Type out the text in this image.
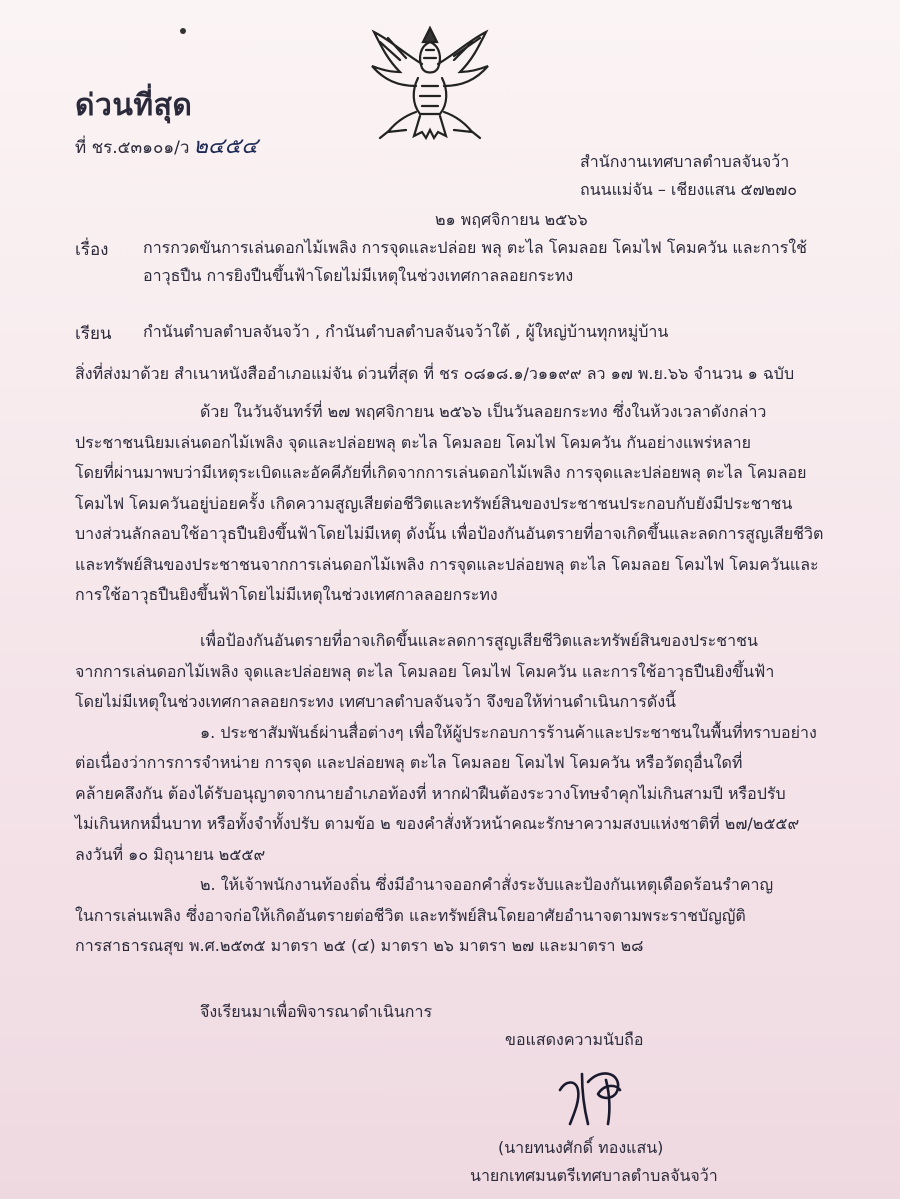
ด่วนที่สุด
ที่ ชร.๕๓๑๐๑/ว ๒๔๕๔
สำนักงานเทศบาลตำบลจันจว้า
ถนนแม่จัน – เชียงแสน ๕๗๒๗๐
๒๑ พฤศจิกายน ๒๕๖๖
เรื่อง การกวดขันการเล่นดอกไม้เพลิง การจุดและปล่อย พลุ ตะไล โคมลอย โคมไฟ โคมควัน และการใช้
อาวุธปืน การยิงปืนขึ้นฟ้าโดยไม่มีเหตุในช่วงเทศกาลลอยกระทง
เรียน กำนันตำบลตำบลจันจว้า , กำนันตำบลตำบลจันจว้าใต้ , ผู้ใหญ่บ้านทุกหมู่บ้าน
สิ่งที่ส่งมาด้วย สำเนาหนังสืออำเภอแม่จัน ด่วนที่สุด ที่ ชร ๐๘๑๘.๑/ว๑๑๙๙ ลว ๑๗ พ.ย.๖๖ จำนวน ๑ ฉบับ
ด้วย ในวันจันทร์ที่ ๒๗ พฤศจิกายน ๒๕๖๖ เป็นวันลอยกระทง ซึ่งในห้วงเวลาดังกล่าว
ประชาชนนิยมเล่นดอกไม้เพลิง จุดและปล่อยพลุ ตะไล โคมลอย โคมไฟ โคมควัน กันอย่างแพร่หลาย
โดยที่ผ่านมาพบว่ามีเหตุระเบิดและอัคคีภัยที่เกิดจากการเล่นดอกไม้เพลิง การจุดและปล่อยพลุ ตะไล โคมลอย
โคมไฟ โคมควันอยู่บ่อยครั้ง เกิดความสูญเสียต่อชีวิตและทรัพย์สินของประชาชนประกอบกับยังมีประชาชน
บางส่วนลักลอบใช้อาวุธปืนยิงขึ้นฟ้าโดยไม่มีเหตุ ดังนั้น เพื่อป้องกันอันตรายที่อาจเกิดขึ้นและลดการสูญเสียชีวิต
และทรัพย์สินของประชาชนจากการเล่นดอกไม้เพลิง การจุดและปล่อยพลุ ตะไล โคมลอย โคมไฟ โคมควันและ
การใช้อาวุธปืนยิงขึ้นฟ้าโดยไม่มีเหตุในช่วงเทศกาลลอยกระทง
เพื่อป้องกันอันตรายที่อาจเกิดขึ้นและลดการสูญเสียชีวิตและทรัพย์สินของประชาชน
จากการเล่นดอกไม้เพลิง จุดและปล่อยพลุ ตะไล โคมลอย โคมไฟ โคมควัน และการใช้อาวุธปืนยิงขึ้นฟ้า
โดยไม่มีเหตุในช่วงเทศกาลลอยกระทง เทศบาลตำบลจันจว้า จึงขอให้ท่านดำเนินการดังนี้
๑. ประชาสัมพันธ์ผ่านสื่อต่างๆ เพื่อให้ผู้ประกอบการร้านค้าและประชาชนในพื้นที่ทราบอย่าง
ต่อเนื่องว่าการการจำหน่าย การจุด และปล่อยพลุ ตะไล โคมลอย โคมไฟ โคมควัน หรือวัตถุอื่นใดที่
คล้ายคลึงกัน ต้องได้รับอนุญาตจากนายอำเภอท้องที่ หากฝ่าฝืนต้องระวางโทษจำคุกไม่เกินสามปี หรือปรับ
ไม่เกินหกหมื่นบาท หรือทั้งจำทั้งปรับ ตามข้อ ๒ ของคำสั่งหัวหน้าคณะรักษาความสงบแห่งชาติที่ ๒๗/๒๕๕๙
ลงวันที่ ๑๐ มิถุนายน ๒๕๕๙
๒. ให้เจ้าพนักงานท้องถิ่น ซึ่งมีอำนาจออกคำสั่งระงับและป้องกันเหตุเดือดร้อนรำคาญ
ในการเล่นเพลิง ซึ่งอาจก่อให้เกิดอันตรายต่อชีวิต และทรัพย์สินโดยอาศัยอำนาจตามพระราชบัญญัติ
การสาธารณสุข พ.ศ.๒๕๓๕ มาตรา ๒๕ (๔) มาตรา ๒๖ มาตรา ๒๗ และมาตรา ๒๘
จึงเรียนมาเพื่อพิจารณาดำเนินการ
ขอแสดงความนับถือ
(นายทนงศักดิ์ ทองแสน)
นายกเทศมนตรีเทศบาลตำบลจันจว้า
